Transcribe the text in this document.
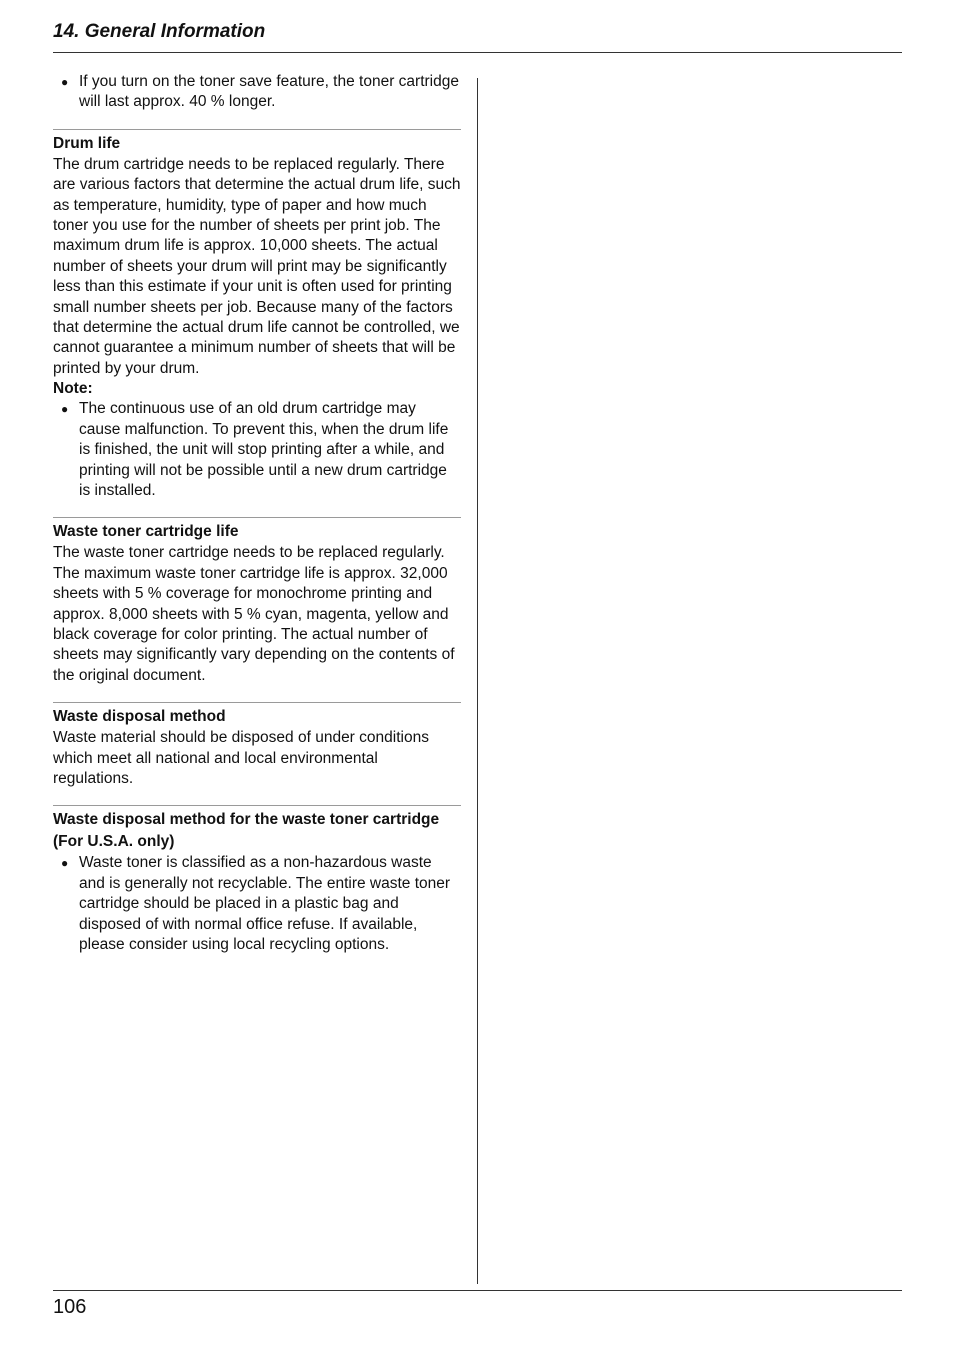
14. General Information
● If you turn on the toner save feature, the toner cartridge will last approx. 40 % longer.
Drum life

The drum cartridge needs to be replaced regularly. There are various factors that determine the actual drum life, such as temperature, humidity, type of paper and how much toner you use for the number of sheets per print job. The maximum drum life is approx. 10,000 sheets. The actual number of sheets your drum will print may be significantly less than this estimate if your unit is often used for printing small number sheets per job. Because many of the factors that determine the actual drum life cannot be controlled, we cannot guarantee a minimum number of sheets that will be printed by your drum.

Note:

● The continuous use of an old drum cartridge may cause malfunction. To prevent this, when the drum life is finished, the unit will stop printing after a while, and printing will not be possible until a new drum cartridge is installed.
Waste toner cartridge life

The waste toner cartridge needs to be replaced regularly. The maximum waste toner cartridge life is approx. 32,000 sheets with 5 % coverage for monochrome printing and approx. 8,000 sheets with 5 % cyan, magenta, yellow and black coverage for color printing. The actual number of sheets may significantly vary depending on the contents of the original document.

Waste disposal method

Waste material should be disposed of under conditions which meet all national and local environmental regulations.

Waste disposal method for the waste toner cartridge (For U.S.A. only)
● Waste toner is classified as a non-hazardous waste and is generally not recyclable. The entire waste toner cartridge should be placed in a plastic bag and disposed of with normal office refuse. If available, please consider using local recycling options.
106
